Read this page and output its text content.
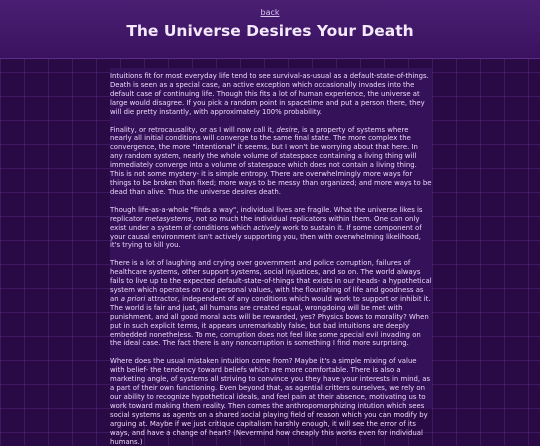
back
The Universe Desires Your Death

Intuitions fit for most everyday life tend to see survival-as-usual as a default-state-of-things. Death is seen as a special case, an active exception which occasionally invades into the default case of continuing life. Though this fits a lot of human experience, the universe at large would disagree. If you pick a random point in spacetime and put a person there, they will die pretty instantly, with approximately 100% probability.

Finality, or retrocausality, or as I will now call it, desire, is a property of systems where nearly all initial conditions will converge to the same final state. The more complex the convergence, the more "intentional" it seems, but I won't be worrying about that here. In any random system, nearly the whole volume of statespace containing a living thing will immediately converge into a volume of statespace which does not contain a living thing. This is not some mystery- it is simple entropy. There are overwhelmingly more ways for things to be broken than fixed; more ways to be messy than organized; and more ways to be dead than alive. Thus the universe desires death.

Though life-as-a-whole "finds a way", individual lives are fragile. What the universe likes is replicator metasystems, not so much the individual replicators within them. One can only exist under a system of conditions which actively work to sustain it. If some component of your causal environment isn't actively supporting you, then with overwhelming likelihood, it's trying to kill you.

There is a lot of laughing and crying over government and police corruption, failures of healthcare systems, other support systems, social injustices, and so on. The world always fails to live up to the expected default-state-of-things that exists in our heads- a hypothetical system which operates on our personal values, with the flourishing of life and goodness as an a priori attractor, independent of any conditions which would work to support or inhibit it. The world is fair and just, all humans are created equal, wrongdoing will be met with punishment, and all good moral acts will be rewarded, yes? Physics bows to morality? When put in such explicit terms, it appears unremarkably false, but bad intuitions are deeply embedded nonetheless. To me, corruption does not feel like some special evil invading on the ideal case. The fact there is any noncorruption is something I find more surprising.

Where does the usual mistaken intuition come from? Maybe it's a simple mixing of value with belief- the tendency toward beliefs which are more comfortable. There is also a marketing angle, of systems all striving to convince you they have your interests in mind, as a part of their own functioning. Even beyond that, as agential critters ourselves, we rely on our ability to recognize hypothetical ideals, and feel pain at their absence, motivating us to work toward making them reality. Then comes the anthropomorphizing intution which sees social systems as agents on a shared social playing field of reason which you can modify by arguing at. Maybe if we just critique capitalism harshly enough, it will see the error of its ways, and have a change of heart? (Nevermind how cheaply this works even for individual humans.)
